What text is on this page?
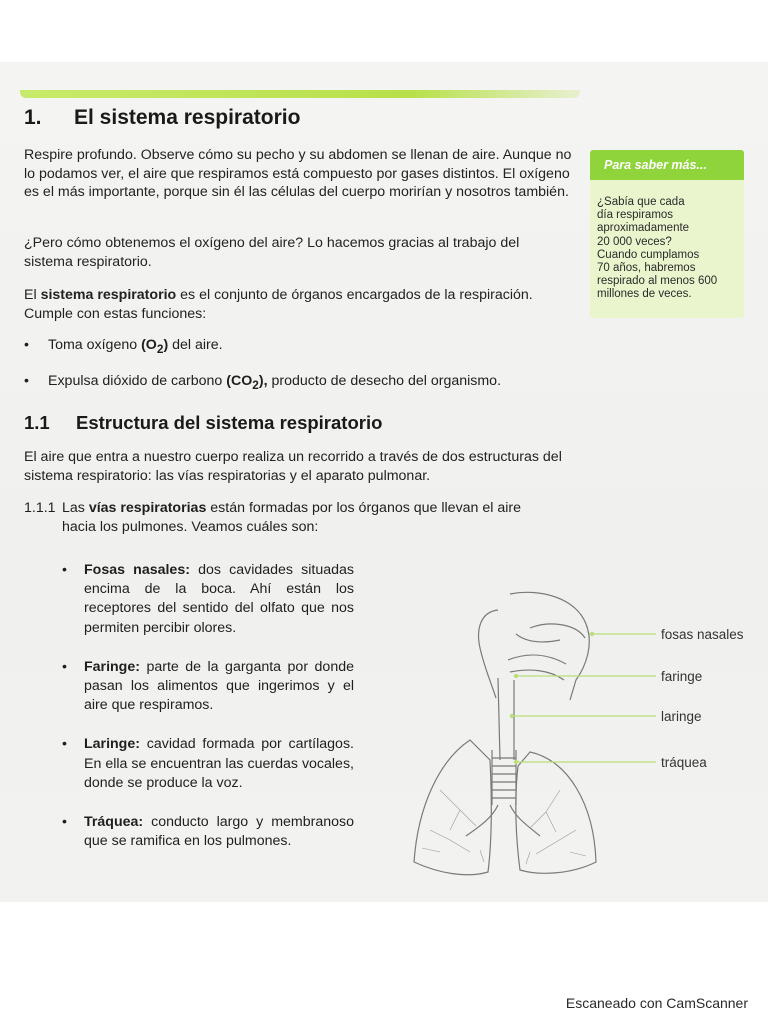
1. El sistema respiratorio

Respire profundo. Observe cómo su pecho y su abdomen se llenan de aire. Aunque no lo podamos ver, el aire que respiramos está compuesto por gases distintos. El oxígeno es el más importante, porque sin él las células del cuerpo morirían y nosotros también.

¿Pero cómo obtenemos el oxígeno del aire? Lo hacemos gracias al trabajo del sistema respiratorio.

El sistema respiratorio es el conjunto de órganos encargados de la respiración. Cumple con estas funciones:

• Toma oxígeno $(O_2)$ del aire.
• Expulsa dióxido de carbono $(CO_2)$, producto de desecho del organismo.
1.1 Estructura del sistema respiratorio

El aire que entra a nuestro cuerpo realiza un recorrido a través de dos estructuras del sistema respiratorio: las vías respiratorias y el aparato pulmonar.

1.1.1 Las vías respiratorias están formadas por los órganos que llevan el aire
hacia los pulmones. Veamos cuáles son:

• Fosas nasales: dos cavidades situadas encima de la boca. Ahí están los receptores del sentido del olfato que nos permiten percibir olores.
• Faringe: parte de la garganta por donde pasan los alimentos que ingerimos y el aire que respiramos.
• Laringe: cavidad formada por cartílagos. En ella se encuentran las cuerdas vocales, donde se produce la voz.
• Tráquea: conducto largo y membranoso que se ramifica en los pulmones.
Para saber más...
¿Sabía que cada
día respiramos
aproximadamente
20 000 veces?
Cuando cumplamos
70 años, habremos
respirado al menos 600
millones de veces.
fosas nasales
faringe
laringe
tráquea
Escaneado con CamScanner
